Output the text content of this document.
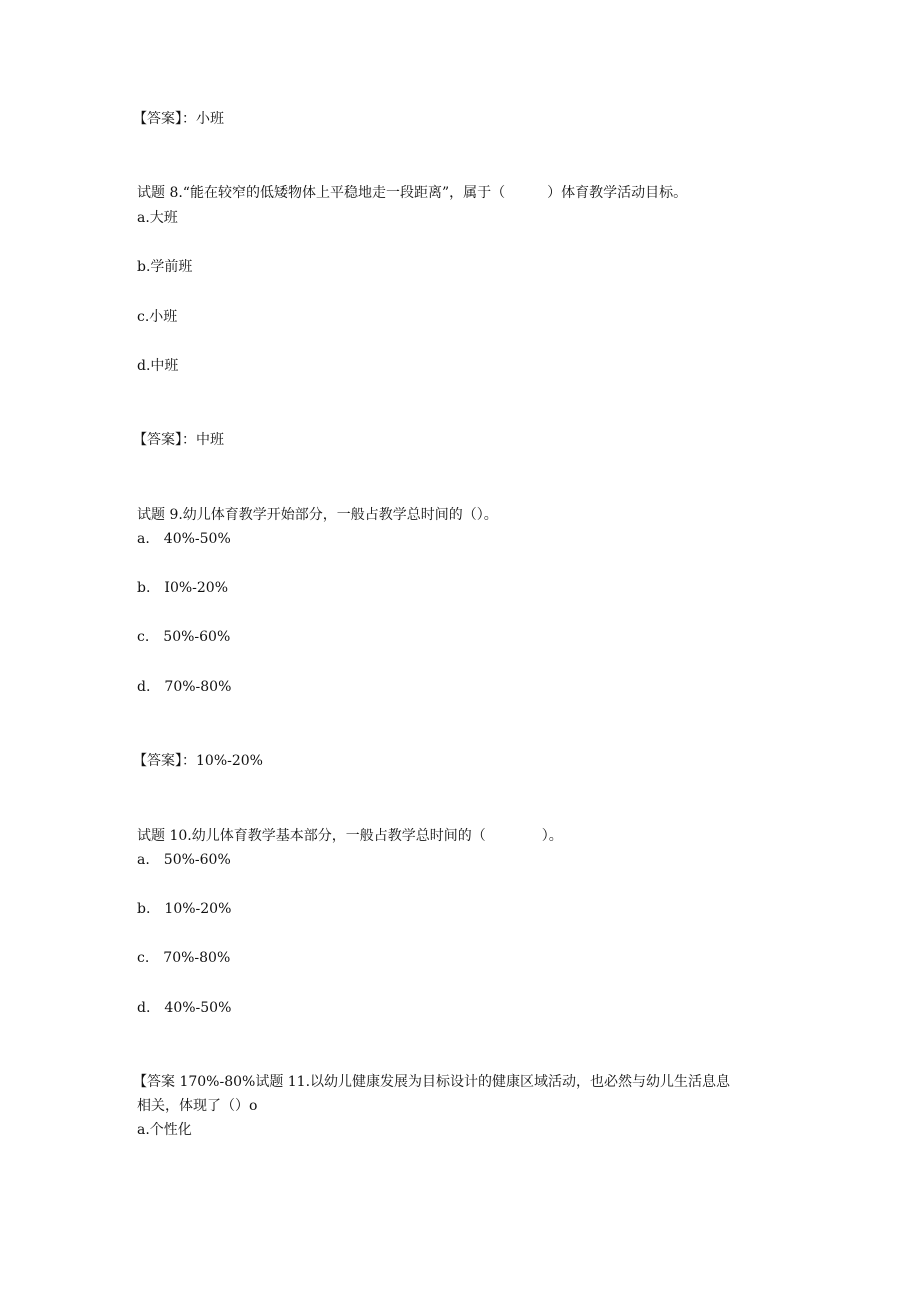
【答案】：小班
试题 8.“能在较窄的低矮物体上平稳地走一段距离”，属于（　　　）体育教学活动目标。
a.大班
b.学前班
c.小班
d.中班
【答案】：中班
试题 9.幼儿体育教学开始部分，一般占教学总时间的（）。
a.　40%-50%
b.　I0%-20%
c.　50%-60%
d.　70%-80%
【答案】：10%-20%
试题 10.幼儿体育教学基本部分，一般占教学总时间的（　　　　）。
a.　50%-60%
b.　10%-20%
c.　70%-80%
d.　40%-50%
【答案 170%-80%试题 11.以幼儿健康发展为目标设计的健康区域活动，也必然与幼儿生活息息
相关，体现了（）o
a.个性化
